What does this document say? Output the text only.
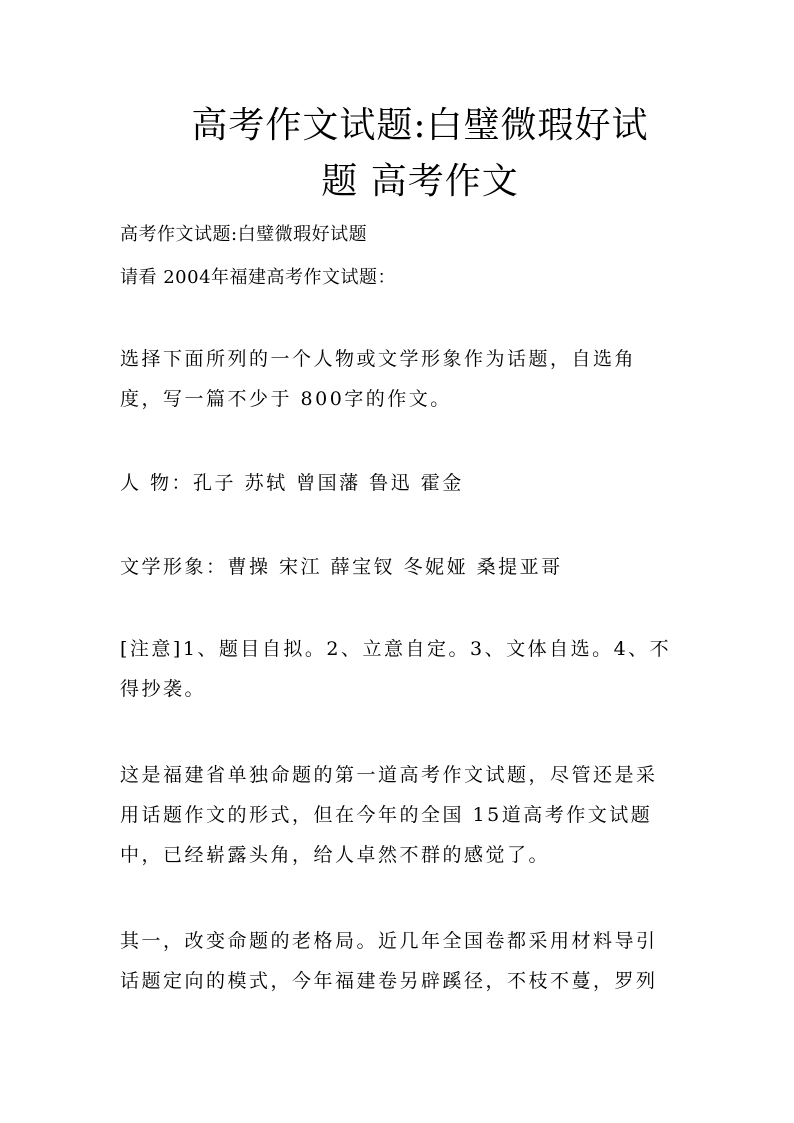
高考作文试题:白璧微瑕好试
题 高考作文
高考作文试题:白璧微瑕好试题
请看 2004年福建高考作文试题：
选择下面所列的一个人物或文学形象作为话题，自选角
度，写一篇不少于 800字的作文。
人 物：孔子 苏轼 曾国藩 鲁迅 霍金
文学形象：曹操 宋江 薛宝钗 冬妮娅 桑提亚哥
[注意]1、题目自拟。2、立意自定。3、文体自选。4、不
得抄袭。
这是福建省单独命题的第一道高考作文试题，尽管还是采
用话题作文的形式，但在今年的全国 15道高考作文试题
中，已经崭露头角，给人卓然不群的感觉了。
其一，改变命题的老格局。近几年全国卷都采用材料导引
话题定向的模式，今年福建卷另辟蹊径，不枝不蔓，罗列
